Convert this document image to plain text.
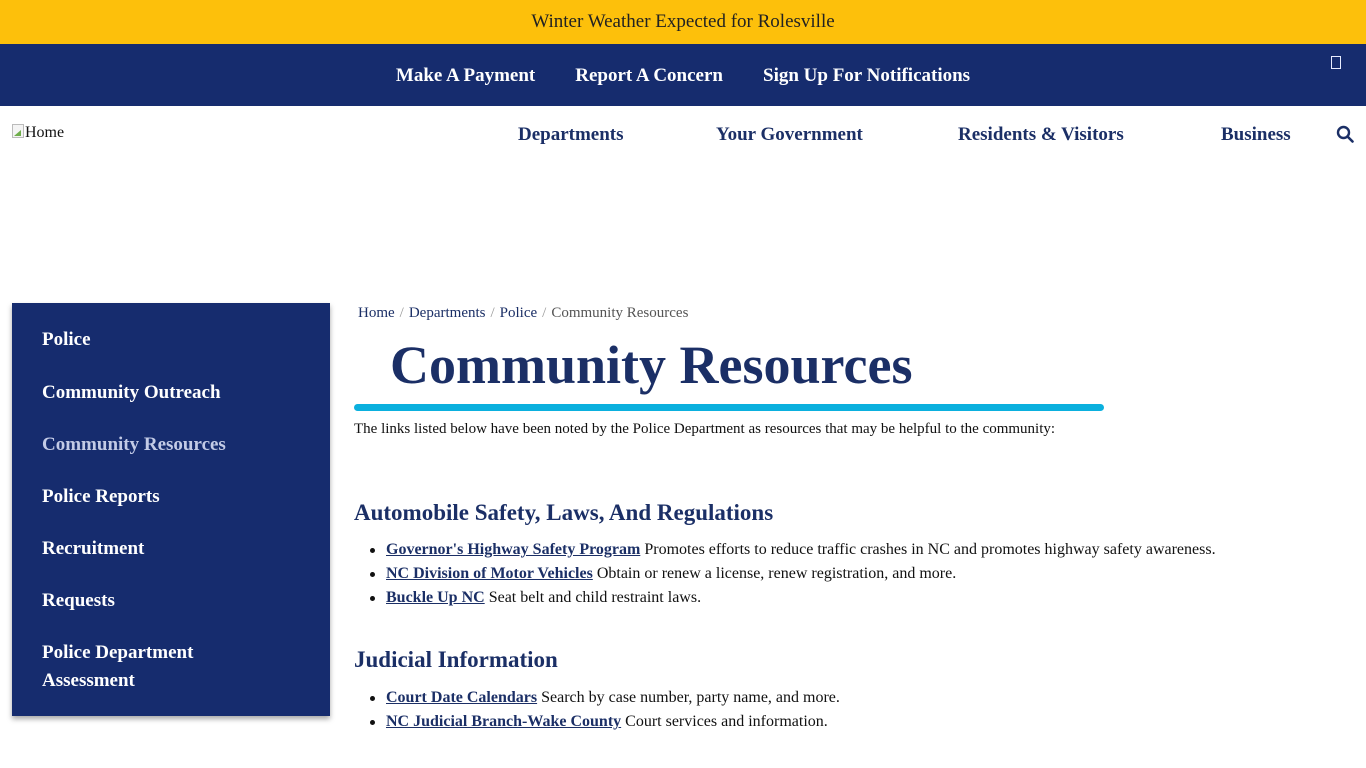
Winter Weather Expected for Rolesville
Make A Payment Report A Concern Sign Up For Notifications
Home	Departments	Your Government	Residents & Visitors	Business
Police
Community Outreach
Community Resources
Police Reports
Recruitment
Requests
Police Department Assessment
Home / Departments / Police / Community Resources
Community Resources

The links listed below have been noted by the Police Department as resources that may be helpful to the community:

Automobile Safety, Laws, And Regulations
Governor's Highway Safety Program Promotes efforts to reduce traffic crashes in NC and promotes highway safety awareness.
NC Division of Motor Vehicles Obtain or renew a license, renew registration, and more.
Buckle Up NC Seat belt and child restraint laws.
Judicial Information
Court Date Calendars Search by case number, party name, and more.
NC Judicial Branch-Wake County Court services and information.
